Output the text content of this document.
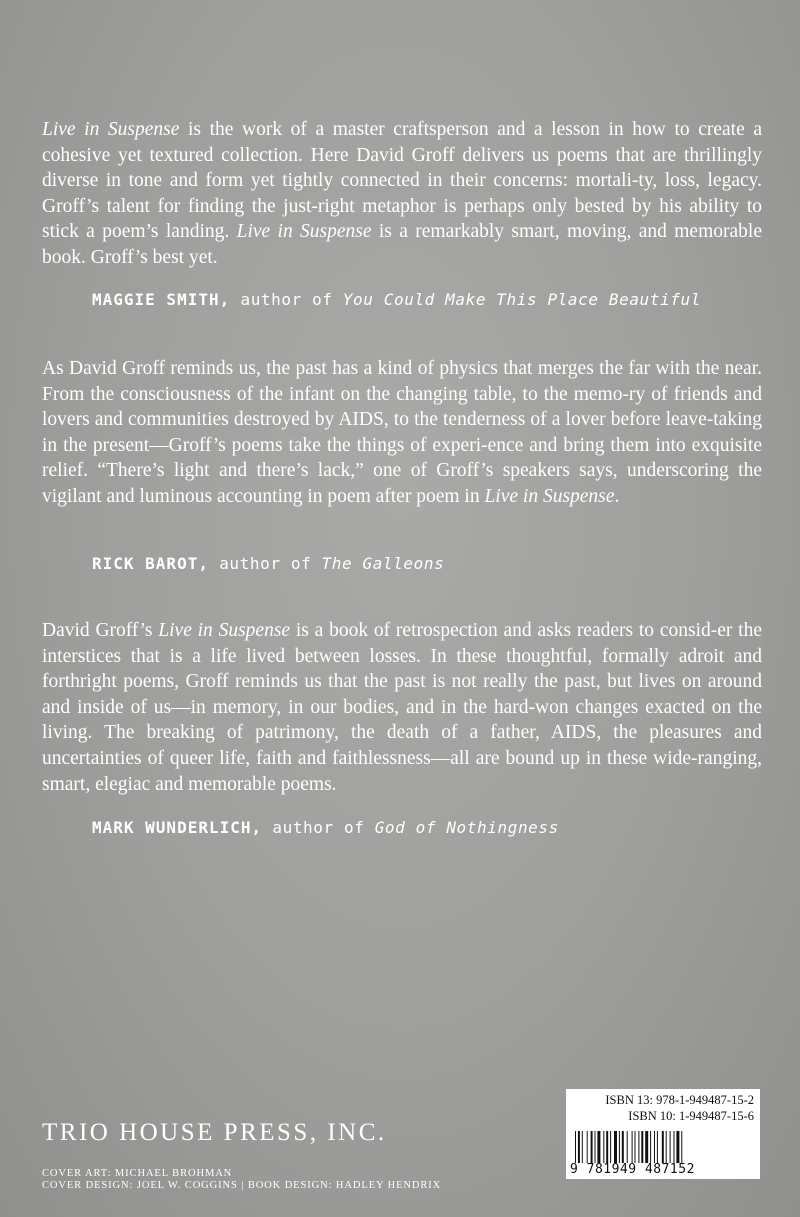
Live in Suspense is the work of a master craftsperson and a lesson in how to create a cohesive yet textured collection. Here David Groff delivers us poems that are thrillingly diverse in tone and form yet tightly connected in their concerns: mortali-ty, loss, legacy. Groff’s talent for finding the just-right metaphor is perhaps only bested by his ability to stick a poem’s landing. Live in Suspense is a remarkably smart, moving, and memorable book. Groff’s best yet.

MAGGIE SMITH, author of You Could Make This Place Beautiful

As David Groff reminds us, the past has a kind of physics that merges the far with the near. From the consciousness of the infant on the changing table, to the memo-ry of friends and lovers and communities destroyed by AIDS, to the tenderness of a lover before leave-taking in the present—Groff’s poems take the things of experi-ence and bring them into exquisite relief. “There’s light and there’s lack,” one of Groff’s speakers says, underscoring the vigilant and luminous accounting in poem after poem in Live in Suspense.

RICK BAROT, author of The Galleons

David Groff’s Live in Suspense is a book of retrospection and asks readers to consid-er the interstices that is a life lived between losses. In these thoughtful, formally adroit and forthright poems, Groff reminds us that the past is not really the past, but lives on around and inside of us—in memory, in our bodies, and in the hard-won changes exacted on the living. The breaking of patrimony, the death of a father, AIDS, the pleasures and uncertainties of queer life, faith and faithlessness—all are bound up in these wide-ranging, smart, elegiac and memorable poems.

MARK WUNDERLICH, author of God of Nothingness
TRIO HOUSE PRESS, INC.
COVER ART: MICHAEL BROHMAN
COVER DESIGN: JOEL W. COGGINS | BOOK DESIGN: HADLEY HENDRIX
ISBN 13: 978-1-949487-15-2
ISBN 10: 1-949487-15-6
9 781949 487152
